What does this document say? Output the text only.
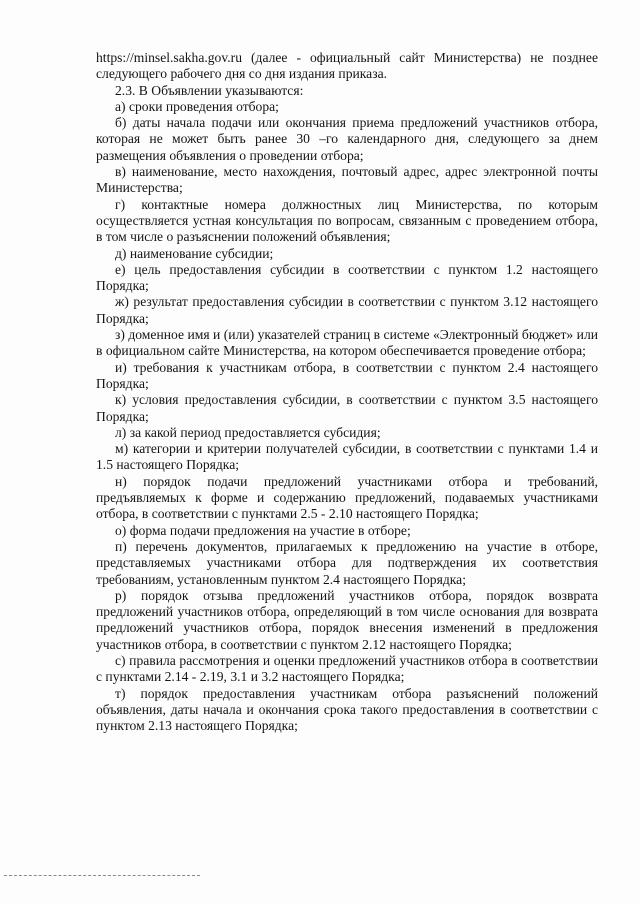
https://minsel.sakha.gov.ru (далее - официальный сайт Министерства) не позднее следующего рабочего дня со дня издания приказа.

2.3. В Объявлении указываются:

а) сроки проведения отбора;

б) даты начала подачи или окончания приема предложений участников отбора, которая не может быть ранее 30 –го календарного дня, следующего за днем размещения объявления о проведении отбора;

в) наименование, место нахождения, почтовый адрес, адрес электронной почты Министерства;

г) контактные номера должностных лиц Министерства, по которым осуществляется устная консультация по вопросам, связанным с проведением отбора, в том числе о разъяснении положений объявления;

д) наименование субсидии;

е) цель предоставления субсидии в соответствии с пунктом 1.2 настоящего Порядка;

ж) результат предоставления субсидии в соответствии с пунктом 3.12 настоящего Порядка;

з) доменное имя и (или) указателей страниц в системе «Электронный бюджет» или в официальном сайте Министерства, на котором обеспечивается проведение отбора;

и) требования к участникам отбора, в соответствии с пунктом 2.4 настоящего Порядка;

к) условия предоставления субсидии, в соответствии с пунктом 3.5 настоящего Порядка;

л) за какой период предоставляется субсидия;

м) категории и критерии получателей субсидии, в соответствии с пунктами 1.4 и 1.5 настоящего Порядка;

н) порядок подачи предложений участниками отбора и требований, предъявляемых к форме и содержанию предложений, подаваемых участниками отбора, в соответствии с пунктами 2.5 - 2.10 настоящего Порядка;

о) форма подачи предложения на участие в отборе;

п) перечень документов, прилагаемых к предложению на участие в отборе, представляемых участниками отбора для подтверждения их соответствия требованиям, установленным пунктом 2.4 настоящего Порядка;

р) порядок отзыва предложений участников отбора, порядок возврата предложений участников отбора, определяющий в том числе основания для возврата предложений участников отбора, порядок внесения изменений в предложения участников отбора, в соответствии с пунктом 2.12 настоящего Порядка;

с) правила рассмотрения и оценки предложений участников отбора в соответствии с пунктами 2.14 - 2.19, 3.1 и 3.2 настоящего Порядка;

т) порядок предоставления участникам отбора разъяснений положений объявления, даты начала и окончания срока такого предоставления в соответствии с пунктом 2.13 настоящего Порядка;
